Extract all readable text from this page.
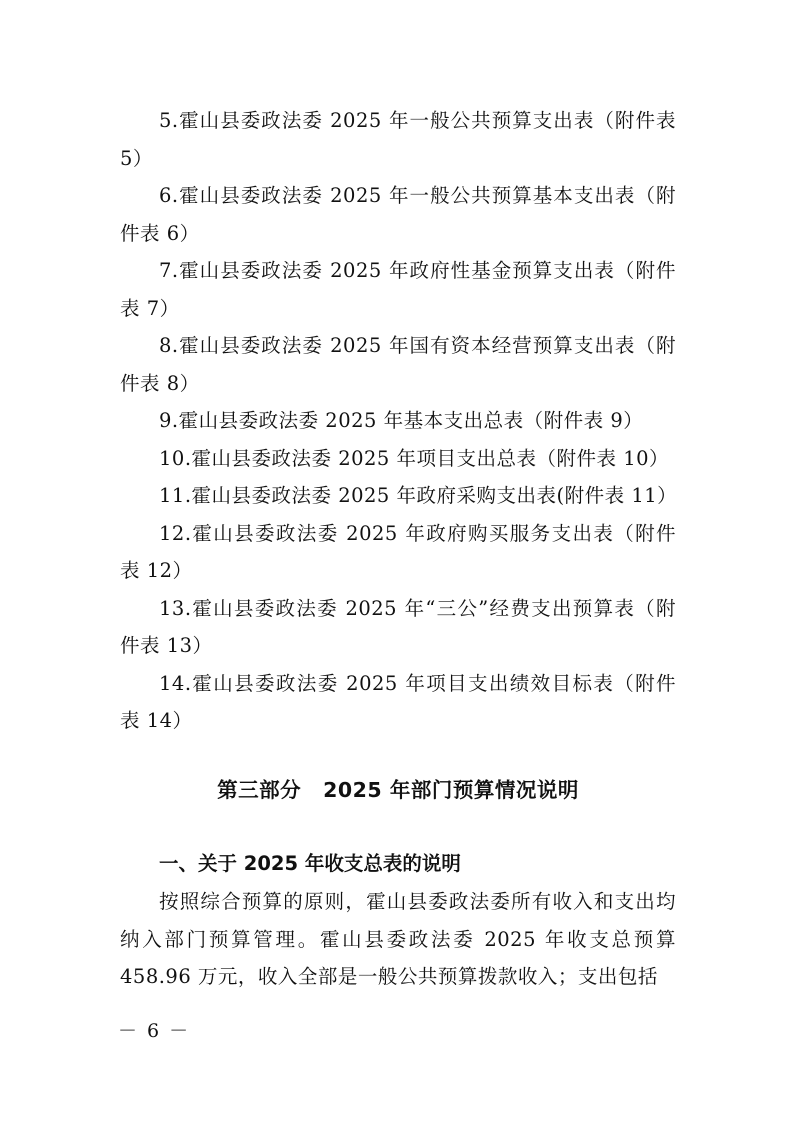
5.霍山县委政法委 2025 年一般公共预算支出表（附件表5）

6.霍山县委政法委 2025 年一般公共预算基本支出表（附件表 6）

7.霍山县委政法委 2025 年政府性基金预算支出表（附件表 7）

8.霍山县委政法委 2025 年国有资本经营预算支出表（附件表 8）

9.霍山县委政法委 2025 年基本支出总表（附件表 9）

10.霍山县委政法委 2025 年项目支出总表（附件表 10）

11.霍山县委政法委 2025 年政府采购支出表(附件表 11）

12.霍山县委政法委 2025 年政府购买服务支出表（附件表 12）

13.霍山县委政法委 2025 年“三公”经费支出预算表（附件表 13）

14.霍山县委政法委 2025 年项目支出绩效目标表（附件表 14）

第三部分 2025 年部门预算情况说明
一、关于 2025 年收支总表的说明

按照综合预算的原则，霍山县委政法委所有收入和支出均纳入部门预算管理。霍山县委政法委 2025 年收支总预算 458.96 万元，收入全部是一般公共预算拨款收入；支出包括

－ 6 －
